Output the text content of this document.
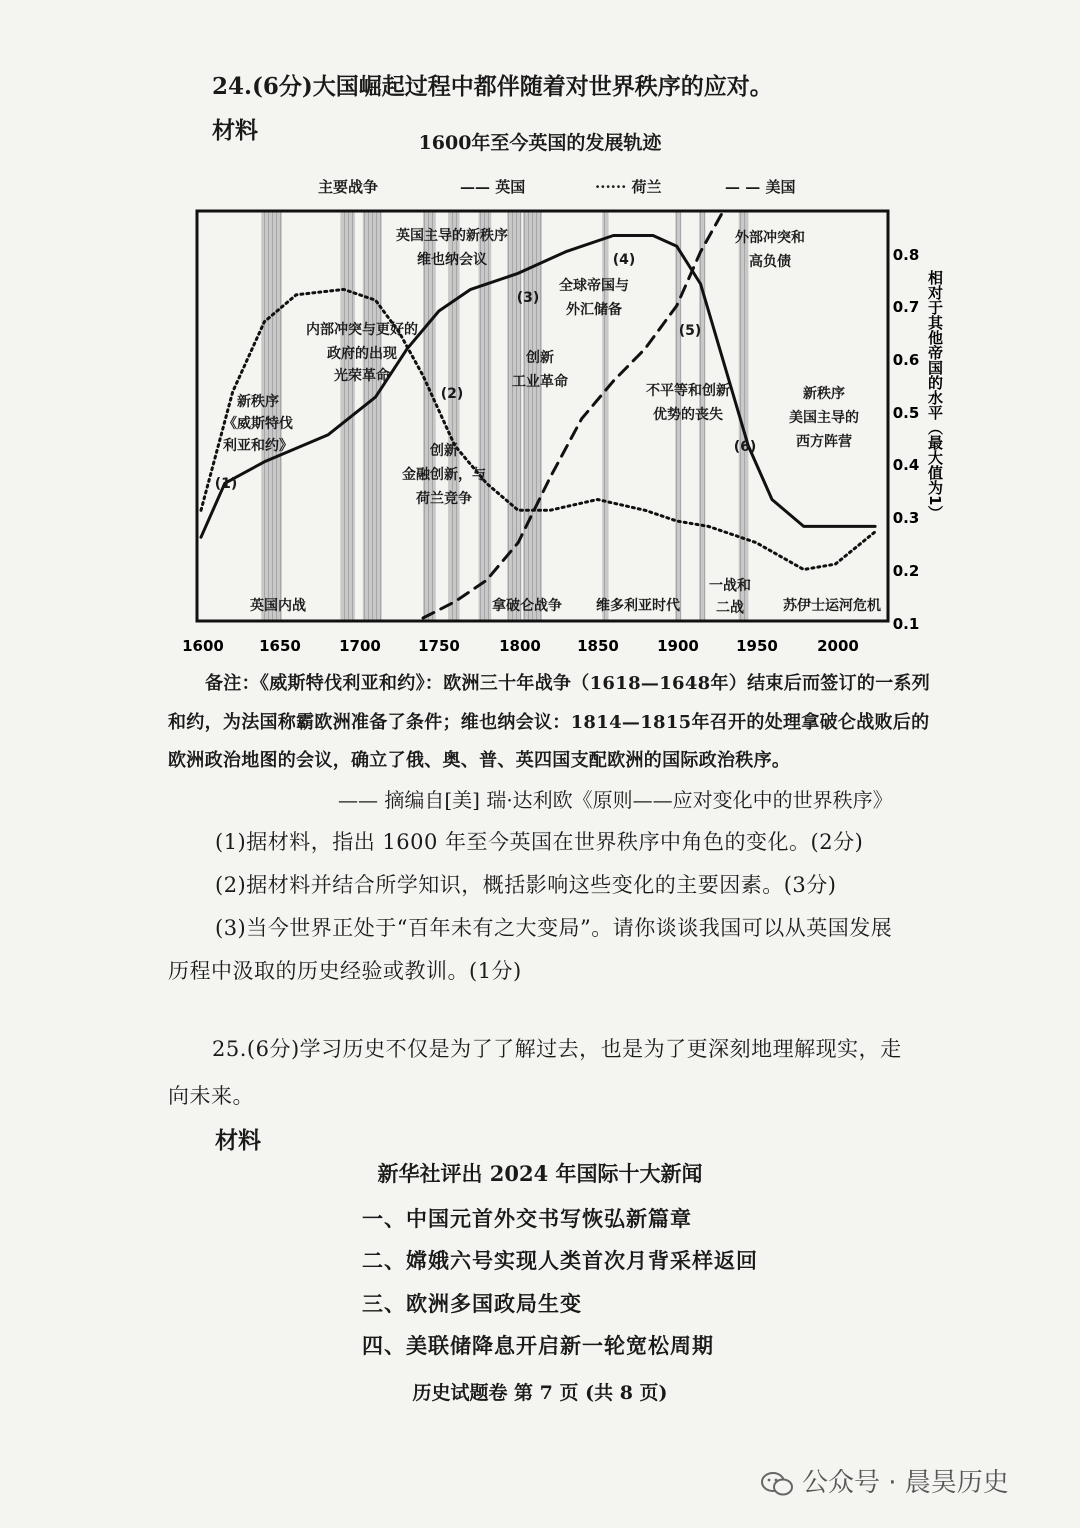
24.(6分)大国崛起过程中都伴随着对世界秩序的应对。
材料	1600年至今英国的发展轨迹
主要战争	—— 英国	······ 荷兰	— — 美国
1600 1650	1700 1750	1800 1850	1900 1950	2000
0.8
0.7
0.6
0.5
0.4
0.3
0.2
0.1
新秩序
《威斯特伐
利亚和约》
(1)
内部冲突与更好的
政府的出现
光荣革命
英国主导的新秩序
维也纳会议
(2)
(3)
创新
金融创新，与
荷兰竞争
创新
工业革命
全球帝国与
外汇储备
(4)
(5)
不平等和创新
优势的丧失
外部冲突和
高负债
(6)
新秩序
美国主导的
西方阵营
英国内战	拿破仑战争 维多利亚时代
一战和
二战	苏伊士运河危机
相对于其他帝国的水平（最大值为1）
备注：《威斯特伐利亚和约》：欧洲三十年战争（1618—1648年）结束后而签订的一系列
和约，为法国称霸欧洲准备了条件；维也纳会议：1814—1815年召开的处理拿破仑战败后的
欧洲政治地图的会议，确立了俄、奥、普、英四国支配欧洲的国际政治秩序。
—— 摘编自[美] 瑞·达利欧《原则——应对变化中的世界秩序》
(1)据材料，指出 1600 年至今英国在世界秩序中角色的变化。(2分)
(2)据材料并结合所学知识，概括影响这些变化的主要因素。(3分)
(3)当今世界正处于“百年未有之大变局”。请你谈谈我国可以从英国发展
历程中汲取的历史经验或教训。(1分)
25.(6分)学习历史不仅是为了了解过去，也是为了更深刻地理解现实，走
向未来。
材料
新华社评出 2024 年国际十大新闻
一、中国元首外交书写恢弘新篇章
二、嫦娥六号实现人类首次月背采样返回
三、欧洲多国政局生变
四、美联储降息开启新一轮宽松周期
历史试题卷 第 7 页 (共 8 页)
公众号 · 晨昊历史
